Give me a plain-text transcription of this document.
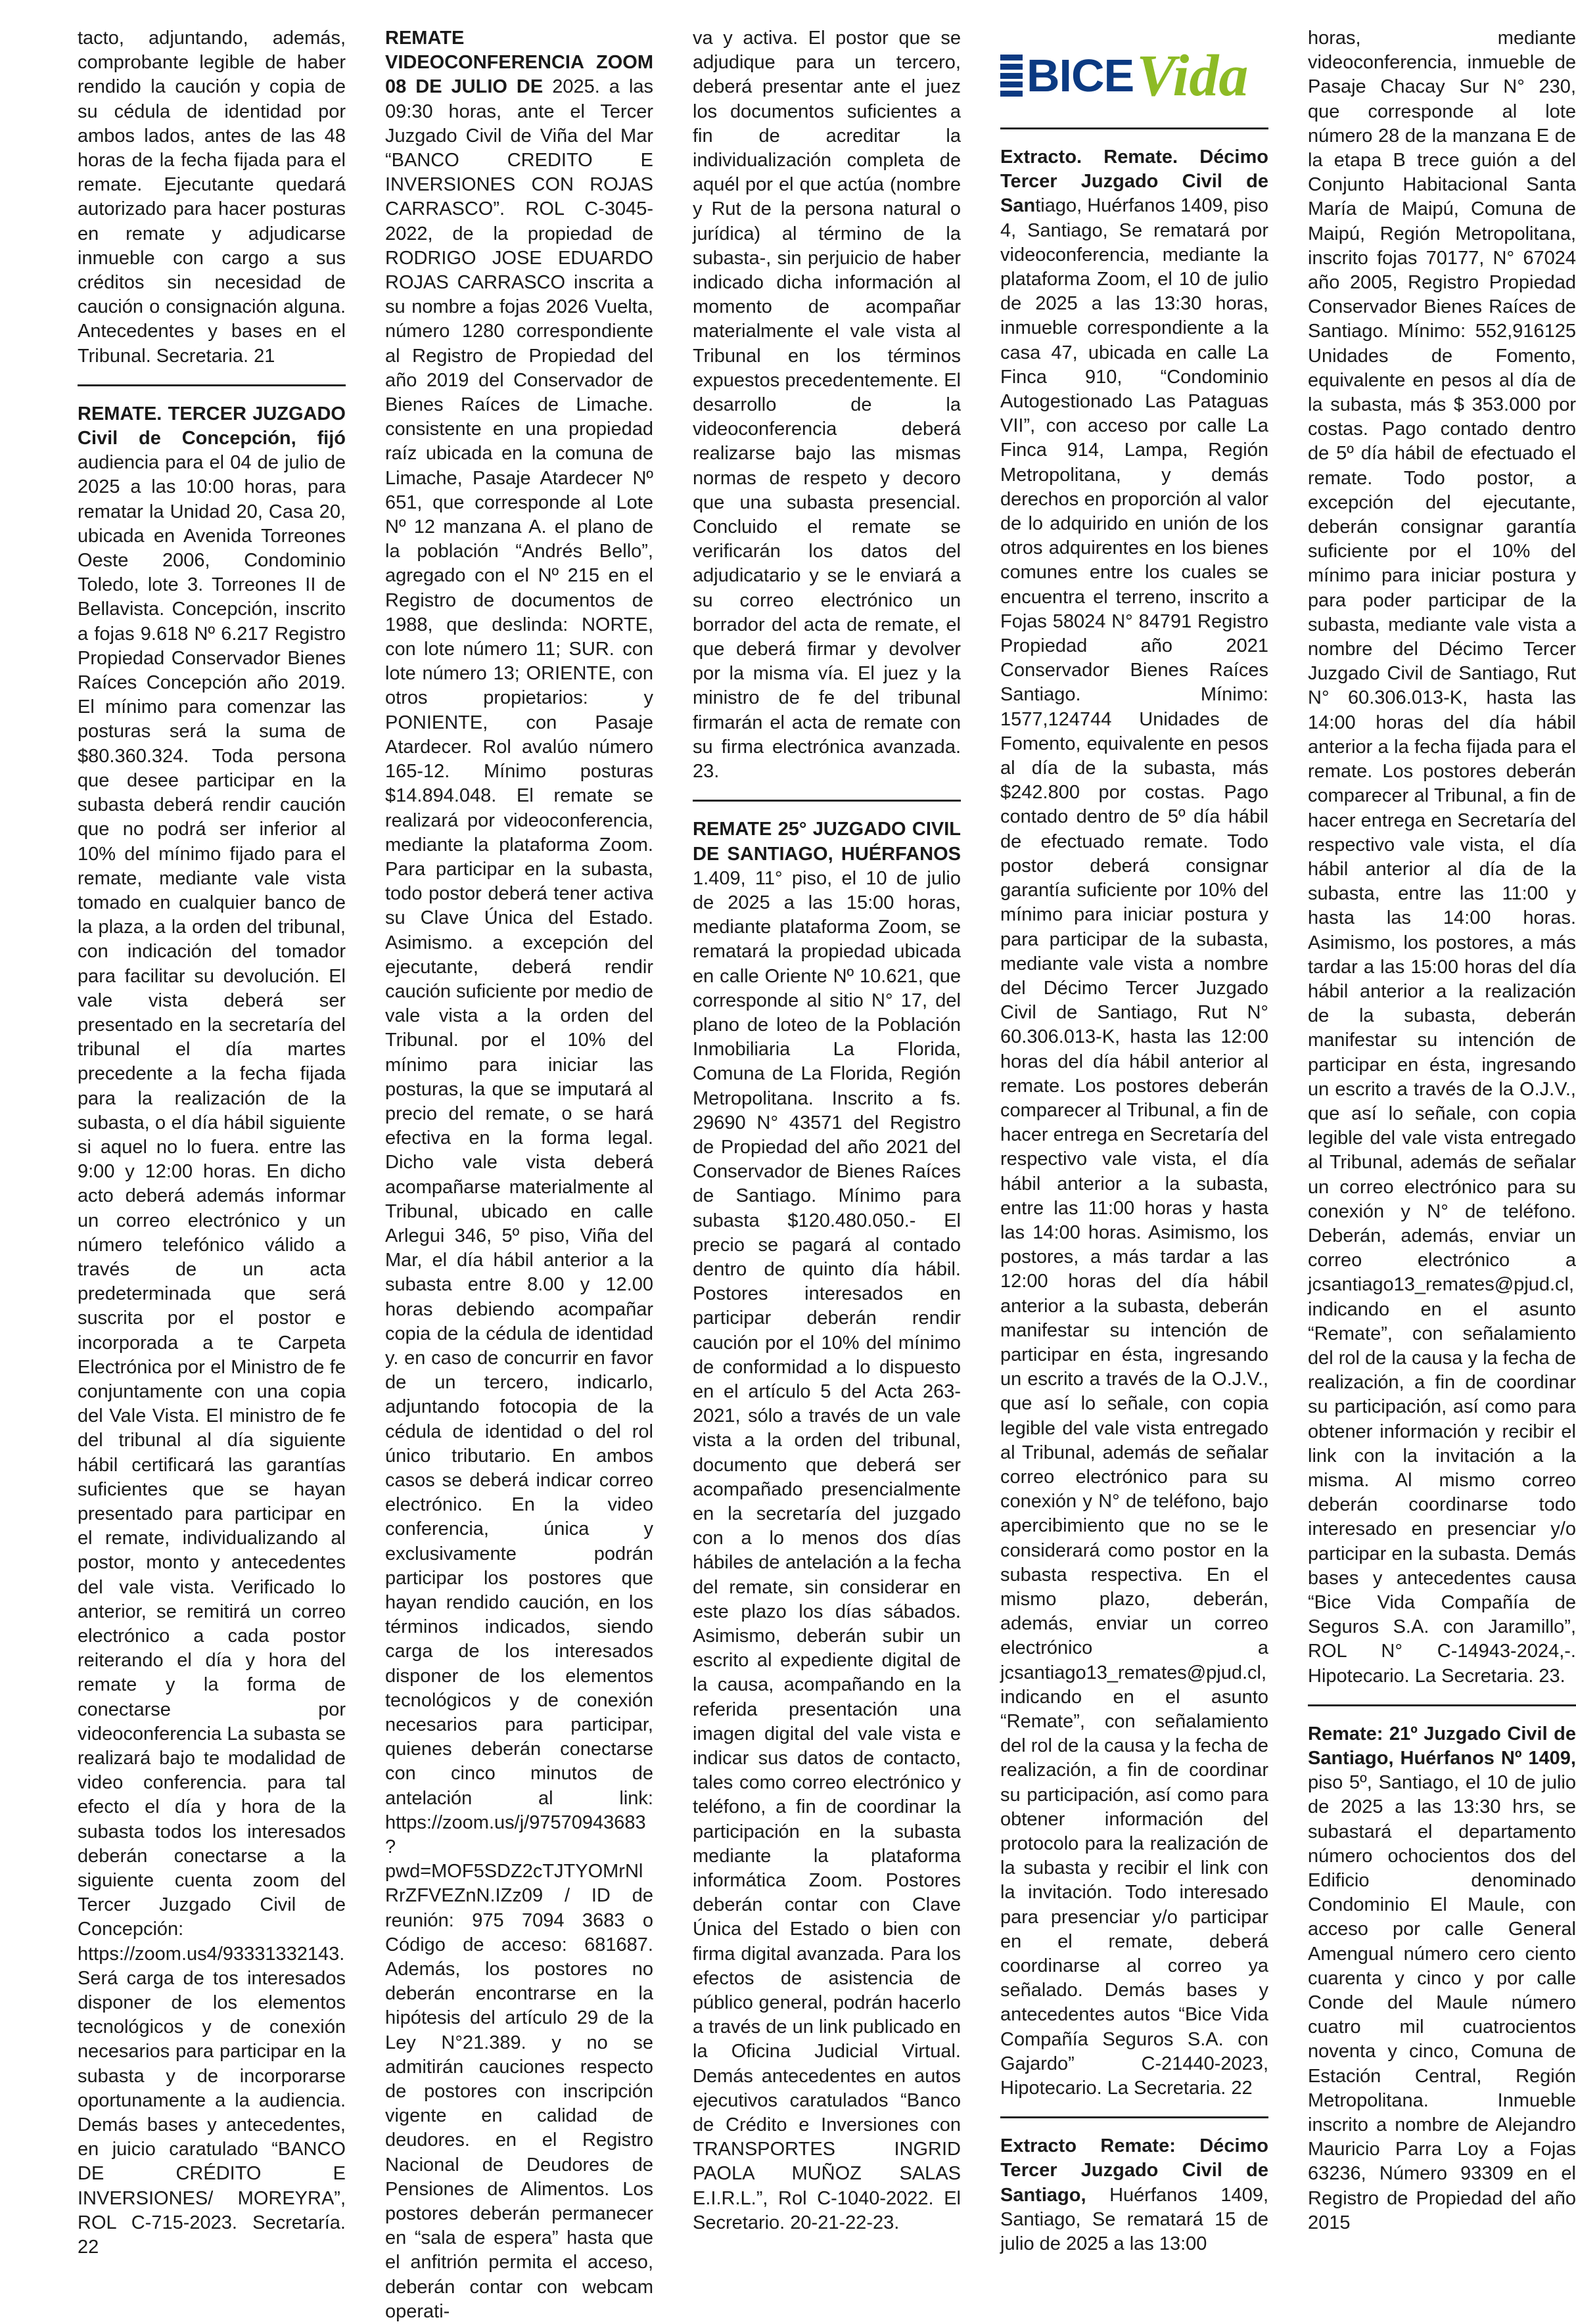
tacto, adjuntando, además, comprobante legible de haber rendido la caución y copia de su cédula de identidad por ambos lados, antes de las 48 horas de la fecha fijada para el remate. Ejecutante quedará autorizado para hacer posturas en remate y adjudicarse inmueble con cargo a sus créditos sin necesidad de caución o consignación alguna. Antecedentes y bases en el Tribunal. Secretaria. 21

REMATE. TERCER JUZGADO Civil de Concepción, fijó audiencia para el 04 de julio de 2025 a las 10:00 horas, para rematar la Unidad 20, Casa 20, ubicada en Avenida Torreones Oeste 2006, Condominio Toledo, lote 3. Torreones II de Bellavista. Concepción, inscrito a fojas 9.618 Nº 6.217 Registro Propiedad Conservador Bienes Raíces Concepción año 2019. El mínimo para comenzar las posturas será la suma de $80.360.324. Toda persona que desee participar en la subasta deberá rendir caución que no podrá ser inferior al 10% del mínimo fijado para el remate, mediante vale vista tomado en cualquier banco de la plaza, a la orden del tribunal, con indicación del tomador para facilitar su devolución. El vale vista deberá ser presentado en la secretaría del tribunal el día martes precedente a la fecha fijada para la realización de la subasta, o el día hábil siguiente si aquel no lo fuera. entre las 9:00 y 12:00 horas. En dicho acto deberá además informar un correo electrónico y un número telefónico válido a través de un acta predeterminada que será suscrita por el postor e incorporada a te Carpeta Electrónica por el Ministro de fe conjuntamente con una copia del Vale Vista. El ministro de fe del tribunal al día siguiente hábil certificará las garantías suficientes que se hayan presentado para participar en el remate, individualizando al postor, monto y antecedentes del vale vista. Verificado lo anterior, se remitirá un correo electrónico a cada postor reiterando el día y hora del remate y la forma de conectarse por videoconferencia La subasta se realizará bajo te modalidad de video conferencia. para tal efecto el día y hora de la subasta todos los interesados deberán conectarse a la siguiente cuenta zoom del Tercer Juzgado Civil de Concepción: https://zoom.us4/93331332143. Será carga de tos interesados disponer de los elementos tecnológicos y de conexión necesarios para participar en la subasta y de incorporarse oportunamente a la audiencia. Demás bases y antecedentes, en juicio caratulado “BANCO DE CRÉDITO E INVERSIONES/ MOREYRA”, ROL C-715-2023. Secretaría. 22

REMATE VIDEOCONFERENCIA ZOOM 08 DE JULIO DE 2025. a las 09:30 horas, ante el Tercer Juzgado Civil de Viña del Mar “BANCO CREDITO E INVERSIONES CON ROJAS CARRASCO”. ROL C-3045-2022, de la propiedad de RODRIGO JOSE EDUARDO ROJAS CARRASCO inscrita a su nombre a fojas 2026 Vuelta, número 1280 correspondiente al Registro de Propiedad del año 2019 del Conservador de Bienes Raíces de Limache. consistente en una propiedad raíz ubicada en la comuna de Limache, Pasaje Atardecer Nº 651, que corresponde al Lote Nº 12 manzana A. el plano de la población “Andrés Bello”, agregado con el Nº 215 en el Registro de documentos de 1988, que deslinda: NORTE, con lote número 11; SUR. con lote número 13; ORIENTE, con otros propietarios: y PONIENTE, con Pasaje Atardecer. Rol avalúo número 165-12. Mínimo posturas $14.894.048. El remate se realizará por videoconferencia, mediante la plataforma Zoom. Para participar en la subasta, todo postor deberá tener activa su Clave Única del Estado. Asimismo. a excepción del ejecutante, deberá rendir caución suficiente por medio de vale vista a la orden del Tribunal. por el 10% del mínimo para iniciar las posturas, la que se imputará al precio del remate, o se hará efectiva en la forma legal. Dicho vale vista deberá acompañarse materialmente al Tribunal, ubicado en calle Arlegui 346, 5º piso, Viña del Mar, el día hábil anterior a la subasta entre 8.00 y 12.00 horas debiendo acompañar copia de la cédula de identidad y. en caso de concurrir en favor de un tercero, indicarlo, adjuntando fotocopia de la cédula de identidad o del rol único tributario. En ambos casos se deberá indicar correo electrónico. En la video conferencia, única y exclusivamente podrán participar los postores que hayan rendido caución, en los términos indicados, siendo carga de los interesados disponer de los elementos tecnológicos y de conexión necesarios para participar, quienes deberán conectarse con cinco minutos de antelación al link: https://zoom.us/j/97570943683?pwd=MOF5SDZ2cTJTYOMrNlRrZFVEZnN.IZz09 / ID de reunión: 975 7094 3683 o Código de acceso: 681687. Además, los postores no deberán encontrarse en la hipótesis del artículo 29 de la Ley N°21.389. y no se admitirán cauciones respecto de postores con inscripción vigente en calidad de deudores. en el Registro Nacional de Deudores de Pensiones de Alimentos. Los postores deberán permanecer en “sala de espera” hasta que el anfitrión permita el acceso, deberán contar con webcam operati-

va y activa. El postor que se adjudique para un tercero, deberá presentar ante el juez los documentos suficientes a fin de acreditar la individualización completa de aquél por el que actúa (nombre y Rut de la persona natural o jurídica) al término de la subasta-, sin perjuicio de haber indicado dicha información al momento de acompañar materialmente el vale vista al Tribunal en los términos expuestos precedentemente. El desarrollo de la videoconferencia deberá realizarse bajo las mismas normas de respeto y decoro que una subasta presencial. Concluido el remate se verificarán los datos del adjudicatario y se le enviará a su correo electrónico un borrador del acta de remate, el que deberá firmar y devolver por la misma vía. El juez y la ministro de fe del tribunal firmarán el acta de remate con su firma electrónica avanzada. 23.

REMATE 25° JUZGADO CIVIL DE SANTIAGO, HUÉRFANOS 1.409, 11° piso, el 10 de julio de 2025 a las 15:00 horas, mediante plataforma Zoom, se rematará la propiedad ubicada en calle Oriente Nº 10.621, que corresponde al sitio N° 17, del plano de loteo de la Población Inmobiliaria La Florida, Comuna de La Florida, Región Metropolitana. Inscrito a fs. 29690 N° 43571 del Registro de Propiedad del año 2021 del Conservador de Bienes Raíces de Santiago. Mínimo para subasta $120.480.050.- El precio se pagará al contado dentro de quinto día hábil. Postores interesados en participar deberán rendir caución por el 10% del mínimo de conformidad a lo dispuesto en el artículo 5 del Acta 263-2021, sólo a través de un vale vista a la orden del tribunal, documento que deberá ser acompañado presencialmente en la secretaría del juzgado con a lo menos dos días hábiles de antelación a la fecha del remate, sin considerar en este plazo los días sábados. Asimismo, deberán subir un escrito al expediente digital de la causa, acompañando en la referida presentación una imagen digital del vale vista e indicar sus datos de contacto, tales como correo electrónico y teléfono, a fin de coordinar la participación en la subasta mediante la plataforma informática Zoom. Postores deberán contar con Clave Única del Estado o bien con firma digital avanzada. Para los efectos de asistencia de público general, podrán hacerlo a través de un link publicado en la Oficina Judicial Virtual. Demás antecedentes en autos ejecutivos caratulados “Banco de Crédito e Inversiones con TRANSPORTES INGRID PAOLA MUÑOZ SALAS E.I.R.L.”, Rol C-1040-2022. El Secretario. 20-21-22-23.

BICE Vida

Extracto. Remate. Décimo Tercer Juzgado Civil de Santiago, Huérfanos 1409, piso 4, Santiago, Se rematará por videoconferencia, mediante la plataforma Zoom, el 10 de julio de 2025 a las 13:30 horas, inmueble correspondiente a la casa 47, ubicada en calle La Finca 910, “Condominio Autogestionado Las Pataguas VII”, con acceso por calle La Finca 914, Lampa, Región Metropolitana, y demás derechos en proporción al valor de lo adquirido en unión de los otros adquirentes en los bienes comunes entre los cuales se encuentra el terreno, inscrito a Fojas 58024 N° 84791 Registro Propiedad año 2021 Conservador Bienes Raíces Santiago. Mínimo: 1577,124744 Unidades de Fomento, equivalente en pesos al día de la subasta, más $242.800 por costas. Pago contado dentro de 5º día hábil de efectuado remate. Todo postor deberá consignar garantía suficiente por 10% del mínimo para iniciar postura y para participar de la subasta, mediante vale vista a nombre del Décimo Tercer Juzgado Civil de Santiago, Rut N° 60.306.013-K, hasta las 12:00 horas del día hábil anterior al remate. Los postores deberán comparecer al Tribunal, a fin de hacer entrega en Secretaría del respectivo vale vista, el día hábil anterior a la subasta, entre las 11:00 horas y hasta las 14:00 horas. Asimismo, los postores, a más tardar a las 12:00 horas del día hábil anterior a la subasta, deberán manifestar su intención de participar en ésta, ingresando un escrito a través de la O.J.V., que así lo señale, con copia legible del vale vista entregado al Tribunal, además de señalar correo electrónico para su conexión y N° de teléfono, bajo apercibimiento que no se le considerará como postor en la subasta respectiva. En el mismo plazo, deberán, además, enviar un correo electrónico a jcsantiago13_remates@pjud.cl, indicando en el asunto “Remate”, con señalamiento del rol de la causa y la fecha de realización, a fin de coordinar su participación, así como para obtener información del protocolo para la realización de la subasta y recibir el link con la invitación. Todo interesado para presenciar y/o participar en el remate, deberá coordinarse al correo ya señalado. Demás bases y antecedentes autos “Bice Vida Compañía Seguros S.A. con Gajardo” C-21440-2023, Hipotecario. La Secretaria. 22

Extracto Remate: Décimo Tercer Juzgado Civil de Santiago, Huérfanos 1409, Santiago, Se rematará 15 de julio de 2025 a las 13:00

horas, mediante videoconferencia, inmueble de Pasaje Chacay Sur N° 230, que corresponde al lote número 28 de la manzana E de la etapa B trece guión a del Conjunto Habitacional Santa María de Maipú, Comuna de Maipú, Región Metropolitana, inscrito fojas 70177, N° 67024 año 2005, Registro Propiedad Conservador Bienes Raíces de Santiago. Mínimo: 552,916125 Unidades de Fomento, equivalente en pesos al día de la subasta, más $ 353.000 por costas. Pago contado dentro de 5º día hábil de efectuado el remate. Todo postor, a excepción del ejecutante, deberán consignar garantía suficiente por el 10% del mínimo para iniciar postura y para poder participar de la subasta, mediante vale vista a nombre del Décimo Tercer Juzgado Civil de Santiago, Rut N° 60.306.013-K, hasta las 14:00 horas del día hábil anterior a la fecha fijada para el remate. Los postores deberán comparecer al Tribunal, a fin de hacer entrega en Secretaría del respectivo vale vista, el día hábil anterior al día de la subasta, entre las 11:00 y hasta las 14:00 horas. Asimismo, los postores, a más tardar a las 15:00 horas del día hábil anterior a la realización de la subasta, deberán manifestar su intención de participar en ésta, ingresando un escrito a través de la O.J.V., que así lo señale, con copia legible del vale vista entregado al Tribunal, además de señalar un correo electrónico para su conexión y N° de teléfono. Deberán, además, enviar un correo electrónico a jcsantiago13_remates@pjud.cl, indicando en el asunto “Remate”, con señalamiento del rol de la causa y la fecha de realización, a fin de coordinar su participación, así como para obtener información y recibir el link con la invitación a la misma. Al mismo correo deberán coordinarse todo interesado en presenciar y/o participar en la subasta. Demás bases y antecedentes causa “Bice Vida Compañía de Seguros S.A. con Jaramillo”, ROL N° C-14943-2024,-. Hipotecario. La Secretaria. 23.

Remate: 21º Juzgado Civil de Santiago, Huérfanos Nº 1409, piso 5º, Santiago, el 10 de julio de 2025 a las 13:30 hrs, se subastará el departamento número ochocientos dos del Edificio denominado Condominio El Maule, con acceso por calle General Amengual número cero ciento cuarenta y cinco y por calle Conde del Maule número cuatro mil cuatrocientos noventa y cinco, Comuna de Estación Central, Región Metropolitana. Inmueble inscrito a nombre de Alejandro Mauricio Parra Loy a Fojas 63236, Número 93309 en el Registro de Propiedad del año 2015
